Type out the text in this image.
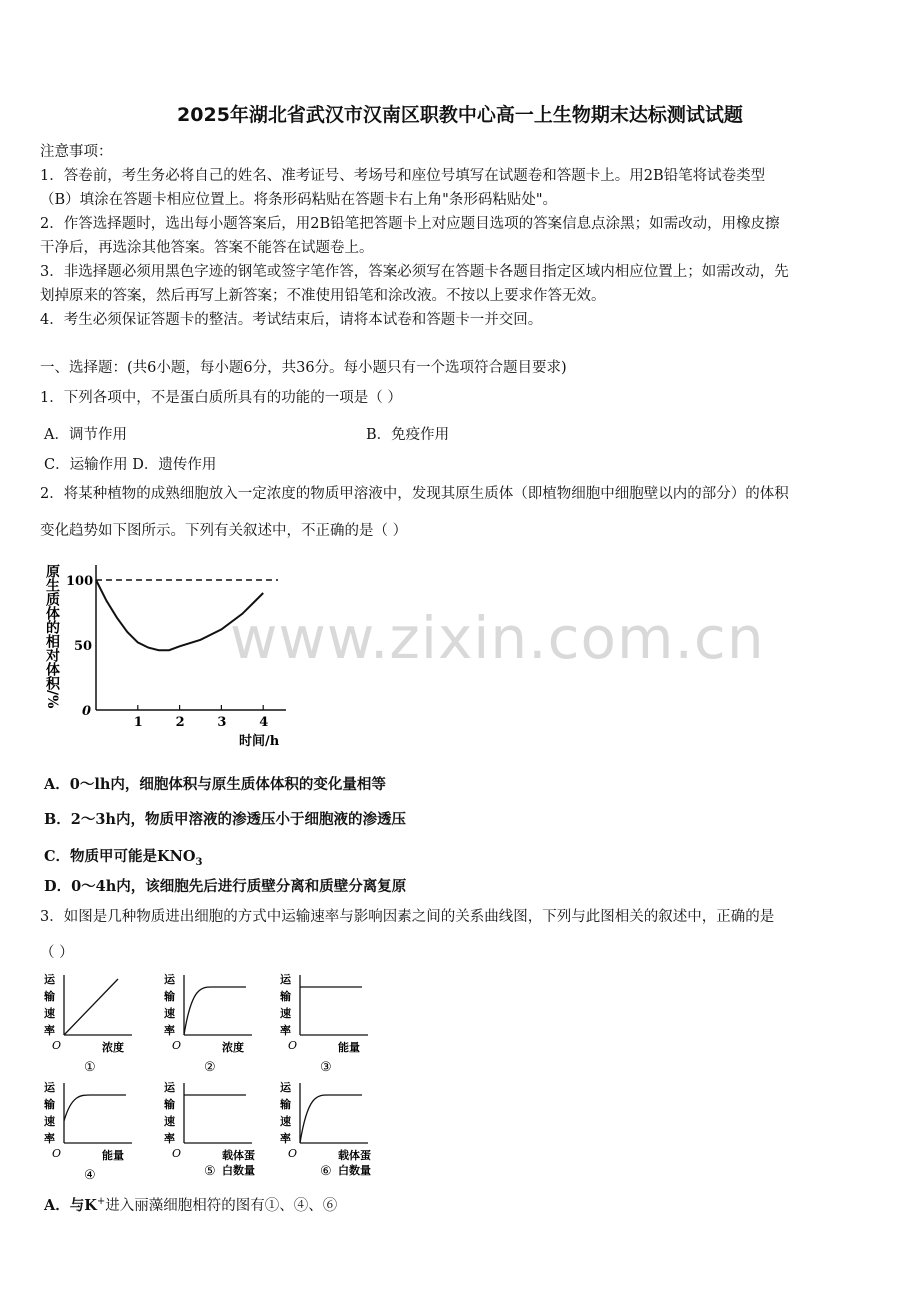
2025年湖北省武汉市汉南区职教中心高一上生物期末达标测试试题
注意事项：
1．答卷前，考生务必将自己的姓名、准考证号、考场号和座位号填写在试题卷和答题卡上。用2B铅笔将试卷类型
（B）填涂在答题卡相应位置上。将条形码粘贴在答题卡右上角"条形码粘贴处"。
2．作答选择题时，选出每小题答案后，用2B铅笔把答题卡上对应题目选项的答案信息点涂黑；如需改动，用橡皮擦
干净后，再选涂其他答案。答案不能答在试题卷上。
3．非选择题必须用黑色字迹的钢笔或签字笔作答，答案必须写在答题卡各题目指定区域内相应位置上；如需改动，先
划掉原来的答案，然后再写上新答案；不准使用铅笔和涂改液。不按以上要求作答无效。
4．考生必须保证答题卡的整洁。考试结束后，请将本试卷和答题卡一并交回。
一、选择题：(共6小题，每小题6分，共36分。每小题只有一个选项符合题目要求)
1．下列各项中，不是蛋白质所具有的功能的一项是（ ）
A．调节作用	B．免疫作用
C．运输作用 D．遗传作用
2．将某种植物的成熟细胞放入一定浓度的物质甲溶液中，发现其原生质体（即植物细胞中细胞壁以内的部分）的体积
变化趋势如下图所示。下列有关叙述中，不正确的是（ ）
1	2	3	4
0
50
100
原生质体的相对体积/%
时间/h
www.zixin.com.cn
A．0～lh内，细胞体积与原生质体体积的变化量相等
B．2～3h内，物质甲溶液的渗透压小于细胞液的渗透压
C．物质甲可能是$KNO_3$
D．0～4h内，该细胞先后进行质壁分离和质壁分离复原
3．如图是几种物质进出细胞的方式中运输速率与影响因素之间的关系曲线图，下列与此图相关的叙述中，正确的是
（ ）
运
输
速
率
O	浓度
①
运
输
速
率
O	浓度
②
运
输
速
率
O	能量
③
运
输
速
率
O	能量
④
运
输
速
率
O	载体蛋
白数量
⑤
运
输
速
率
O	载体蛋
白数量
⑥
A．与K+进入丽藻细胞相符的图有①、④、⑥
